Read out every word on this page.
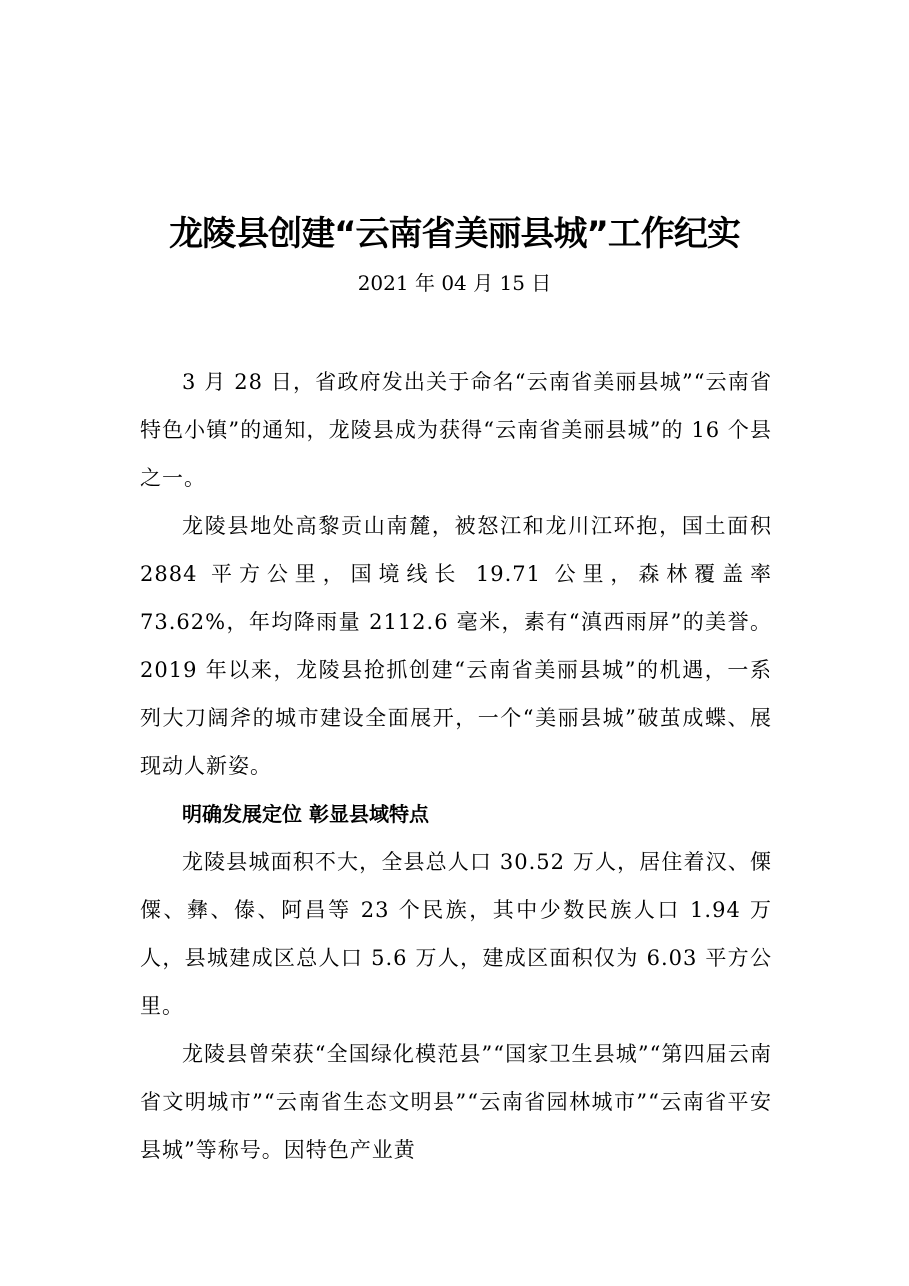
龙陵县创建“云南省美丽县城”工作纪实

2021 年 04 月 15 日

3 月 28 日，省政府发出关于命名“云南省美丽县城”“云南省特色小镇”的通知，龙陵县成为获得“云南省美丽县城”的 16 个县之一。

龙陵县地处高黎贡山南麓，被怒江和龙川江环抱，国土面积 2884 平方公里，国境线长 19.71 公里，森林覆盖率 73.62%，年均降雨量 2112.6 毫米，素有“滇西雨屏”的美誉。2019 年以来，龙陵县抢抓创建“云南省美丽县城”的机遇，一系列大刀阔斧的城市建设全面展开，一个“美丽县城”破茧成蝶、展现动人新姿。

明确发展定位 彰显县域特点

龙陵县城面积不大，全县总人口 30.52 万人，居住着汉、傈僳、彝、傣、阿昌等 23 个民族，其中少数民族人口 1.94 万人，县城建成区总人口 5.6 万人，建成区面积仅为 6.03 平方公里。

龙陵县曾荣获“全国绿化模范县”“国家卫生县城”“第四届云南省文明城市”“云南省生态文明县”“云南省园林城市”“云南省平安县城”等称号。因特色产业黄
